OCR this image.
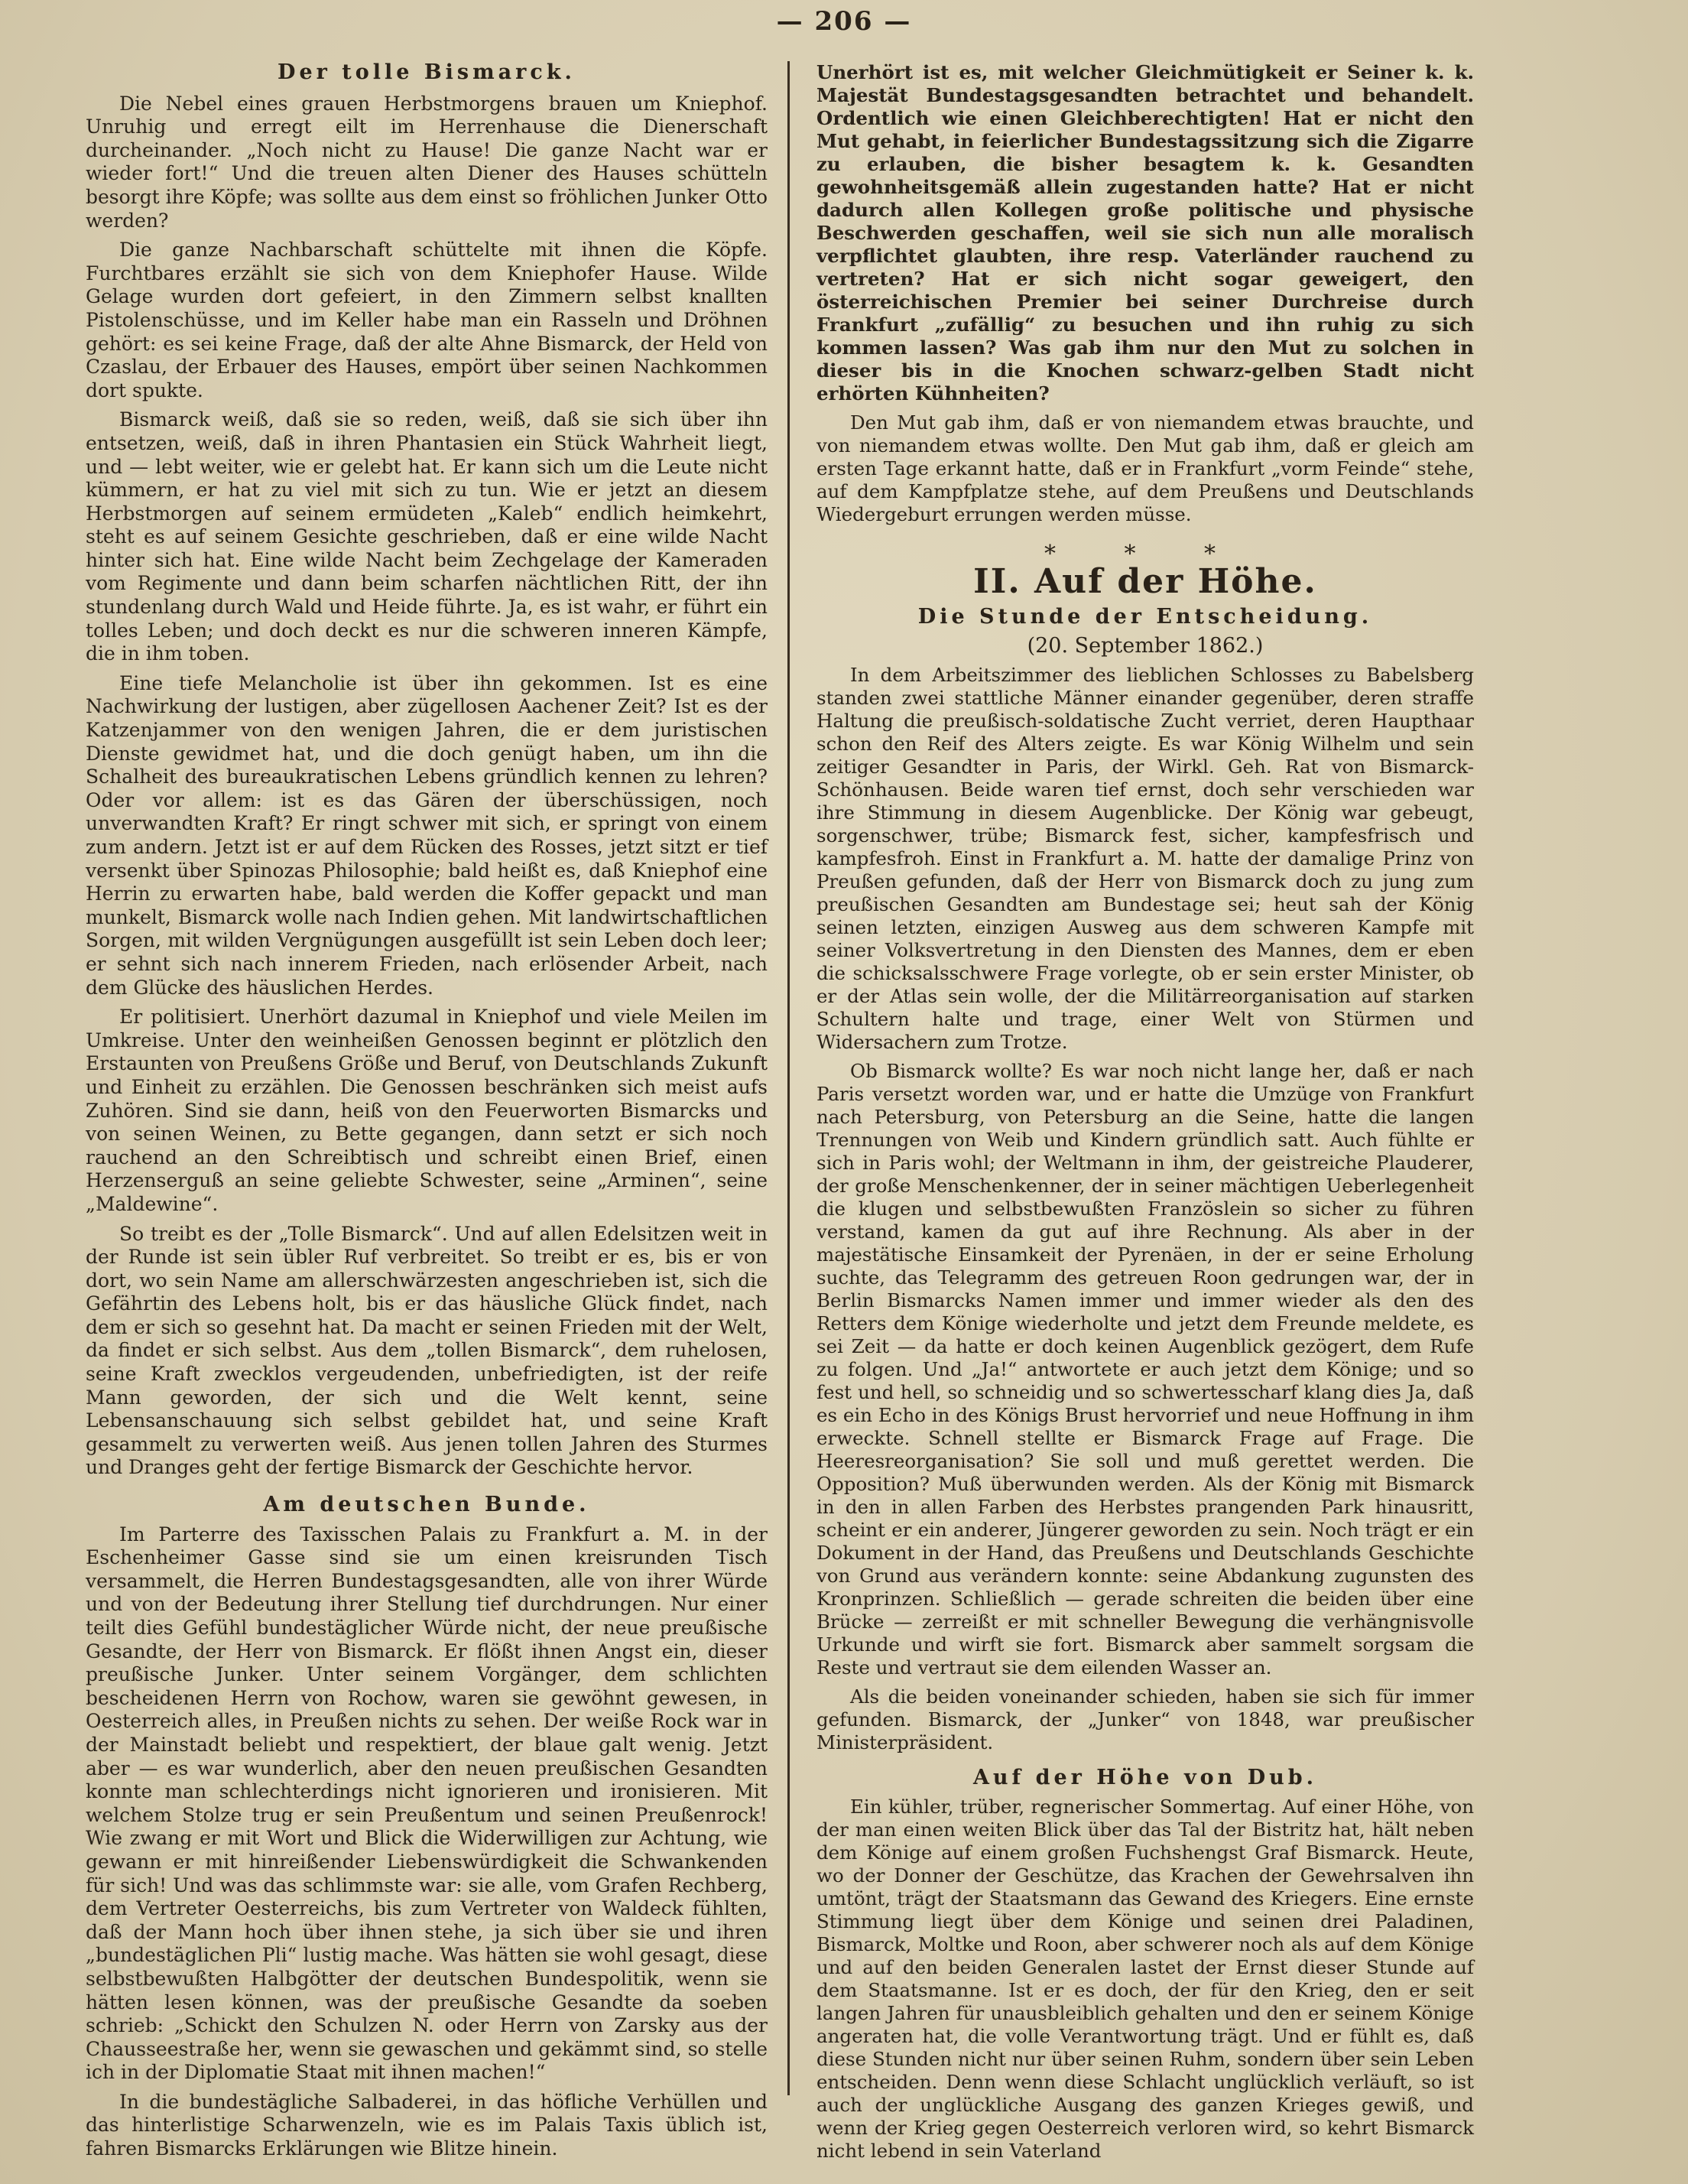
— 206 —
Der tolle Bismarck.

Die Nebel eines grauen Herbstmorgens brauen um Kniephof. Unruhig und erregt eilt im Herrenhause die Dienerschaft durcheinander. „Noch nicht zu Hause! Die ganze Nacht war er wieder fort!“ Und die treuen alten Diener des Hauses schütteln besorgt ihre Köpfe; was sollte aus dem einst so fröhlichen Junker Otto werden?

Die ganze Nachbarschaft schüttelte mit ihnen die Köpfe. Furchtbares erzählt sie sich von dem Kniephofer Hause. Wilde Gelage wurden dort gefeiert, in den Zimmern selbst knallten Pistolenschüsse, und im Keller habe man ein Rasseln und Dröhnen gehört: es sei keine Frage, daß der alte Ahne Bismarck, der Held von Czaslau, der Erbauer des Hauses, empört über seinen Nachkommen dort spukte.

Bismarck weiß, daß sie so reden, weiß, daß sie sich über ihn entsetzen, weiß, daß in ihren Phantasien ein Stück Wahrheit liegt, und — lebt weiter, wie er gelebt hat. Er kann sich um die Leute nicht kümmern, er hat zu viel mit sich zu tun. Wie er jetzt an diesem Herbstmorgen auf seinem ermüdeten „Kaleb“ endlich heimkehrt, steht es auf seinem Gesichte geschrieben, daß er eine wilde Nacht hinter sich hat. Eine wilde Nacht beim Zechgelage der Kameraden vom Regimente und dann beim scharfen nächtlichen Ritt, der ihn stundenlang durch Wald und Heide führte. Ja, es ist wahr, er führt ein tolles Leben; und doch deckt es nur die schweren inneren Kämpfe, die in ihm toben.

Eine tiefe Melancholie ist über ihn gekommen. Ist es eine Nachwirkung der lustigen, aber zügellosen Aachener Zeit? Ist es der Katzenjammer von den wenigen Jahren, die er dem juristischen Dienste gewidmet hat, und die doch genügt haben, um ihn die Schalheit des bureaukratischen Lebens gründlich kennen zu lehren? Oder vor allem: ist es das Gären der überschüssigen, noch unverwandten Kraft? Er ringt schwer mit sich, er springt von einem zum andern. Jetzt ist er auf dem Rücken des Rosses, jetzt sitzt er tief versenkt über Spinozas Philosophie; bald heißt es, daß Kniephof eine Herrin zu erwarten habe, bald werden die Koffer gepackt und man munkelt, Bismarck wolle nach Indien gehen. Mit landwirtschaftlichen Sorgen, mit wilden Vergnügungen ausgefüllt ist sein Leben doch leer; er sehnt sich nach innerem Frieden, nach erlösender Arbeit, nach dem Glücke des häuslichen Herdes.

Er politisiert. Unerhört dazumal in Kniephof und viele Meilen im Umkreise. Unter den weinheißen Genossen beginnt er plötzlich den Erstaunten von Preußens Größe und Beruf, von Deutschlands Zukunft und Einheit zu erzählen. Die Genossen beschränken sich meist aufs Zuhören. Sind sie dann, heiß von den Feuerworten Bismarcks und von seinen Weinen, zu Bette gegangen, dann setzt er sich noch rauchend an den Schreibtisch und schreibt einen Brief, einen Herzenserguß an seine geliebte Schwester, seine „Arminen“, seine „Maldewine“.

So treibt es der „Tolle Bismarck“. Und auf allen Edelsitzen weit in der Runde ist sein übler Ruf verbreitet. So treibt er es, bis er von dort, wo sein Name am allerschwärzesten angeschrieben ist, sich die Gefährtin des Lebens holt, bis er das häusliche Glück findet, nach dem er sich so gesehnt hat. Da macht er seinen Frieden mit der Welt, da findet er sich selbst. Aus dem „tollen Bismarck“, dem ruhelosen, seine Kraft zwecklos vergeudenden, unbefriedigten, ist der reife Mann geworden, der sich und die Welt kennt, seine Lebensanschauung sich selbst gebildet hat, und seine Kraft gesammelt zu verwerten weiß. Aus jenen tollen Jahren des Sturmes und Dranges geht der fertige Bismarck der Geschichte hervor.

Am deutschen Bunde.

Im Parterre des Taxisschen Palais zu Frankfurt a. M. in der Eschenheimer Gasse sind sie um einen kreisrunden Tisch versammelt, die Herren Bundestagsgesandten, alle von ihrer Würde und von der Bedeutung ihrer Stellung tief durchdrungen. Nur einer teilt dies Gefühl bundestäglicher Würde nicht, der neue preußische Gesandte, der Herr von Bismarck. Er flößt ihnen Angst ein, dieser preußische Junker. Unter seinem Vorgänger, dem schlichten bescheidenen Herrn von Rochow, waren sie gewöhnt gewesen, in Oesterreich alles, in Preußen nichts zu sehen. Der weiße Rock war in der Mainstadt beliebt und respektiert, der blaue galt wenig. Jetzt aber — es war wunderlich, aber den neuen preußischen Gesandten konnte man schlechterdings nicht ignorieren und ironisieren. Mit welchem Stolze trug er sein Preußentum und seinen Preußenrock! Wie zwang er mit Wort und Blick die Widerwilligen zur Achtung, wie gewann er mit hinreißender Liebenswürdigkeit die Schwankenden für sich! Und was das schlimmste war: sie alle, vom Grafen Rechberg, dem Vertreter Oesterreichs, bis zum Vertreter von Waldeck fühlten, daß der Mann hoch über ihnen stehe, ja sich über sie und ihren „bundestäglichen Pli“ lustig mache. Was hätten sie wohl gesagt, diese selbstbewußten Halbgötter der deutschen Bundespolitik, wenn sie hätten lesen können, was der preußische Gesandte da soeben schrieb: „Schickt den Schulzen N. oder Herrn von Zarsky aus der Chausseestraße her, wenn sie gewaschen und gekämmt sind, so stelle ich in der Diplomatie Staat mit ihnen machen!“

In die bundestägliche Salbaderei, in das höfliche Verhüllen und das hinterlistige Scharwenzeln, wie es im Palais Taxis üblich ist, fahren Bismarcks Erklärungen wie Blitze hinein.

Unerhört ist es, mit welcher Gleichmütigkeit er Seiner k. k. Majestät Bundestagsgesandten betrachtet und behandelt. Ordentlich wie einen Gleichberechtigten! Hat er nicht den Mut gehabt, in feierlicher Bundestagssitzung sich die Zigarre zu erlauben, die bisher besagtem k. k. Gesandten gewohnheitsgemäß allein zugestanden hatte? Hat er nicht dadurch allen Kollegen große politische und physische Beschwerden geschaffen, weil sie sich nun alle moralisch verpflichtet glaubten, ihre resp. Vaterländer rauchend zu vertreten? Hat er sich nicht sogar geweigert, den österreichischen Premier bei seiner Durchreise durch Frankfurt „zufällig“ zu besuchen und ihn ruhig zu sich kommen lassen? Was gab ihm nur den Mut zu solchen in dieser bis in die Knochen schwarz-gelben Stadt nicht erhörten Kühnheiten?

Den Mut gab ihm, daß er von niemandem etwas brauchte, und von niemandem etwas wollte. Den Mut gab ihm, daß er gleich am ersten Tage erkannt hatte, daß er in Frankfurt „vorm Feinde“ stehe, auf dem Kampfplatze stehe, auf dem Preußens und Deutschlands Wiedergeburt errungen werden müsse.

* * *
II. Auf der Höhe.
Die Stunde der Entscheidung.
(20. September 1862.)

In dem Arbeitszimmer des lieblichen Schlosses zu Babelsberg standen zwei stattliche Männer einander gegenüber, deren straffe Haltung die preußisch-soldatische Zucht verriet, deren Haupthaar schon den Reif des Alters zeigte. Es war König Wilhelm und sein zeitiger Gesandter in Paris, der Wirkl. Geh. Rat von Bismarck-Schönhausen. Beide waren tief ernst, doch sehr verschieden war ihre Stimmung in diesem Augenblicke. Der König war gebeugt, sorgenschwer, trübe; Bismarck fest, sicher, kampfesfrisch und kampfesfroh. Einst in Frankfurt a. M. hatte der damalige Prinz von Preußen gefunden, daß der Herr von Bismarck doch zu jung zum preußischen Gesandten am Bundestage sei; heut sah der König seinen letzten, einzigen Ausweg aus dem schweren Kampfe mit seiner Volksvertretung in den Diensten des Mannes, dem er eben die schicksalsschwere Frage vorlegte, ob er sein erster Minister, ob er der Atlas sein wolle, der die Militärreorganisation auf starken Schultern halte und trage, einer Welt von Stürmen und Widersachern zum Trotze.

Ob Bismarck wollte? Es war noch nicht lange her, daß er nach Paris versetzt worden war, und er hatte die Umzüge von Frankfurt nach Petersburg, von Petersburg an die Seine, hatte die langen Trennungen von Weib und Kindern gründlich satt. Auch fühlte er sich in Paris wohl; der Weltmann in ihm, der geistreiche Plauderer, der große Menschenkenner, der in seiner mächtigen Ueberlegenheit die klugen und selbstbewußten Französlein so sicher zu führen verstand, kamen da gut auf ihre Rechnung. Als aber in der majestätische Einsamkeit der Pyrenäen, in der er seine Erholung suchte, das Telegramm des getreuen Roon gedrungen war, der in Berlin Bismarcks Namen immer und immer wieder als den des Retters dem Könige wiederholte und jetzt dem Freunde meldete, es sei Zeit — da hatte er doch keinen Augenblick gezögert, dem Rufe zu folgen. Und „Ja!“ antwortete er auch jetzt dem Könige; und so fest und hell, so schneidig und so schwertesscharf klang dies Ja, daß es ein Echo in des Königs Brust hervorrief und neue Hoffnung in ihm erweckte. Schnell stellte er Bismarck Frage auf Frage. Die Heeresreorganisation? Sie soll und muß gerettet werden. Die Opposition? Muß überwunden werden. Als der König mit Bismarck in den in allen Farben des Herbstes prangenden Park hinausritt, scheint er ein anderer, Jüngerer geworden zu sein. Noch trägt er ein Dokument in der Hand, das Preußens und Deutschlands Geschichte von Grund aus verändern konnte: seine Abdankung zugunsten des Kronprinzen. Schließlich — gerade schreiten die beiden über eine Brücke — zerreißt er mit schneller Bewegung die verhängnisvolle Urkunde und wirft sie fort. Bismarck aber sammelt sorgsam die Reste und vertraut sie dem eilenden Wasser an.

Als die beiden voneinander schieden, haben sie sich für immer gefunden. Bismarck, der „Junker“ von 1848, war preußischer Ministerpräsident.

Auf der Höhe von Dub.

Ein kühler, trüber, regnerischer Sommertag. Auf einer Höhe, von der man einen weiten Blick über das Tal der Bistritz hat, hält neben dem Könige auf einem großen Fuchshengst Graf Bismarck. Heute, wo der Donner der Geschütze, das Krachen der Gewehrsalven ihn umtönt, trägt der Staatsmann das Gewand des Kriegers. Eine ernste Stimmung liegt über dem Könige und seinen drei Paladinen, Bismarck, Moltke und Roon, aber schwerer noch als auf dem Könige und auf den beiden Generalen lastet der Ernst dieser Stunde auf dem Staatsmanne. Ist er es doch, der für den Krieg, den er seit langen Jahren für unausbleiblich gehalten und den er seinem Könige angeraten hat, die volle Verantwortung trägt. Und er fühlt es, daß diese Stunden nicht nur über seinen Ruhm, sondern über sein Leben entscheiden. Denn wenn diese Schlacht unglücklich verläuft, so ist auch der unglückliche Ausgang des ganzen Krieges gewiß, und wenn der Krieg gegen Oesterreich verloren wird, so kehrt Bismarck nicht lebend in sein Vaterland
